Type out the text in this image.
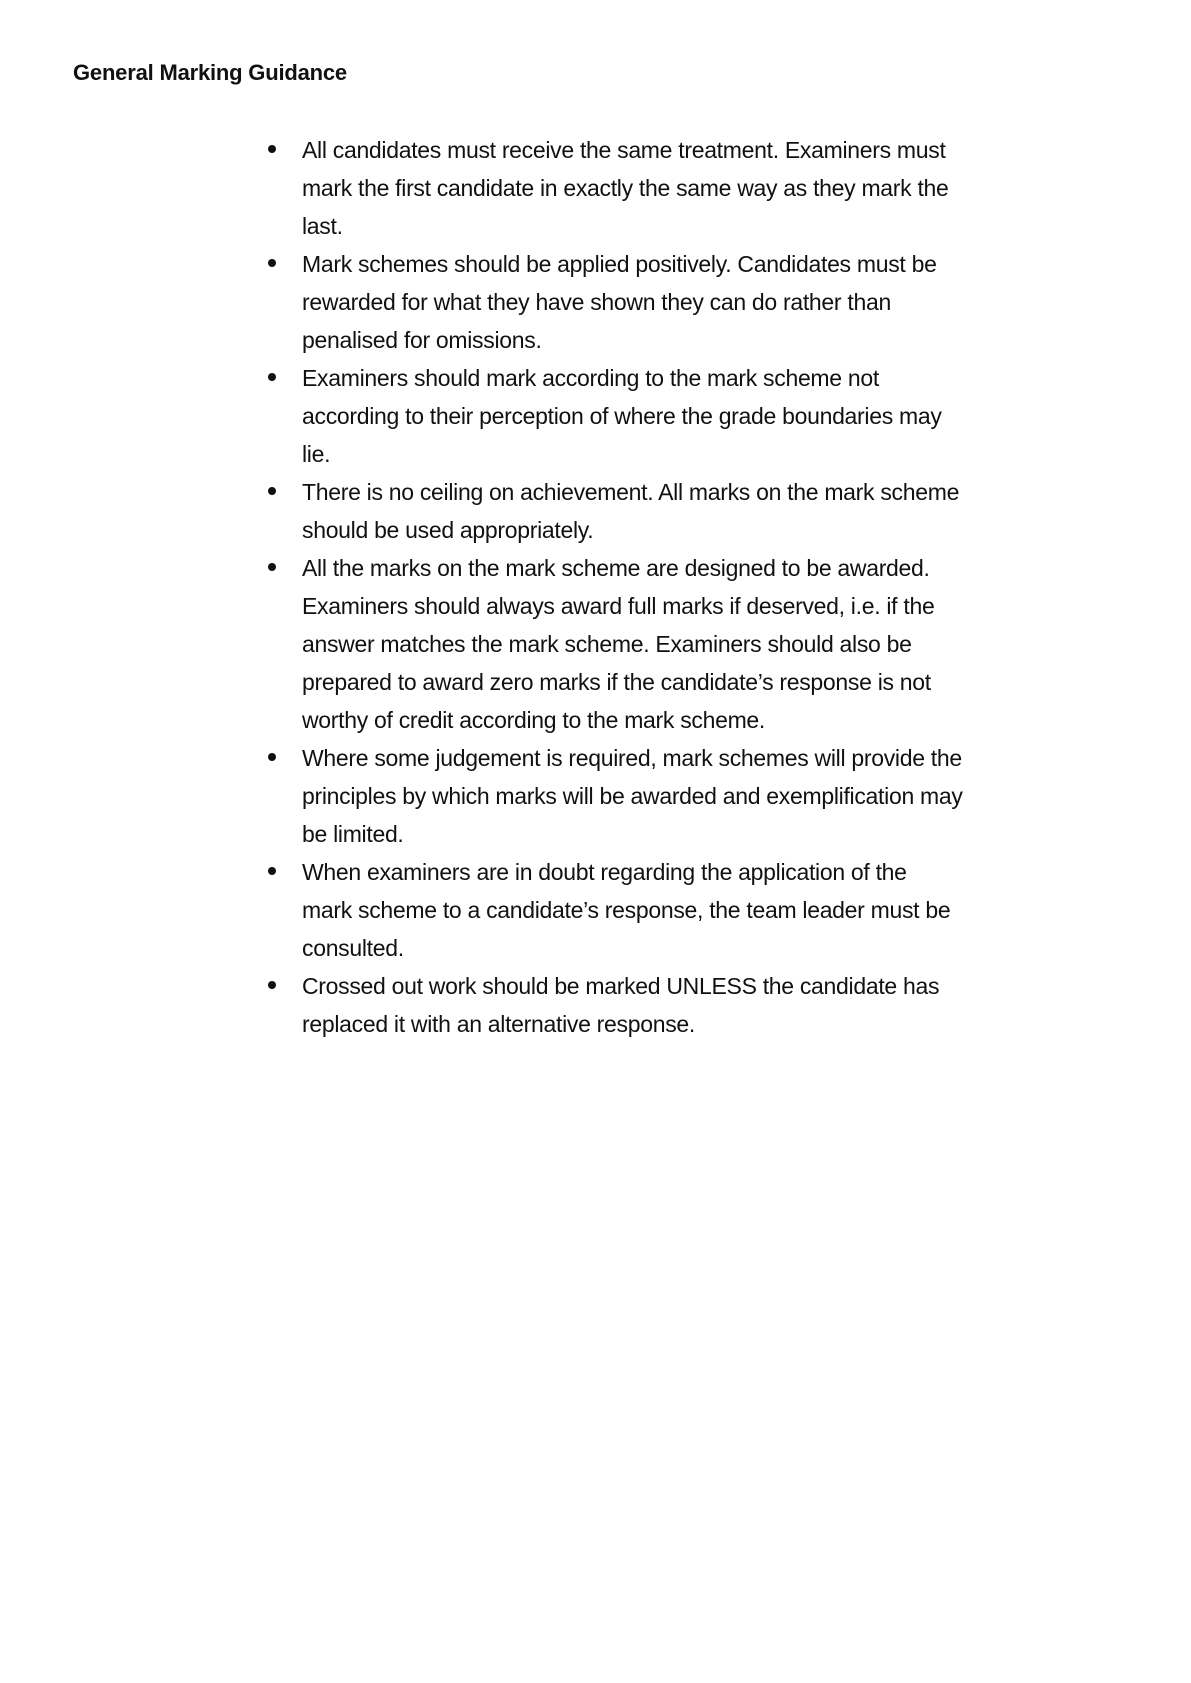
General Marking Guidance
All candidates must receive the same treatment. Examiners must
mark the first candidate in exactly the same way as they mark the
last.
Mark schemes should be applied positively. Candidates must be
rewarded for what they have shown they can do rather than
penalised for omissions.
Examiners should mark according to the mark scheme not
according to their perception of where the grade boundaries may
lie.
There is no ceiling on achievement. All marks on the mark scheme
should be used appropriately.
All the marks on the mark scheme are designed to be awarded.
Examiners should always award full marks if deserved, i.e. if the
answer matches the mark scheme. Examiners should also be
prepared to award zero marks if the candidate’s response is not
worthy of credit according to the mark scheme.
Where some judgement is required, mark schemes will provide the
principles by which marks will be awarded and exemplification may
be limited.
When examiners are in doubt regarding the application of the
mark scheme to a candidate’s response, the team leader must be
consulted.
Crossed out work should be marked UNLESS the candidate has
replaced it with an alternative response.
